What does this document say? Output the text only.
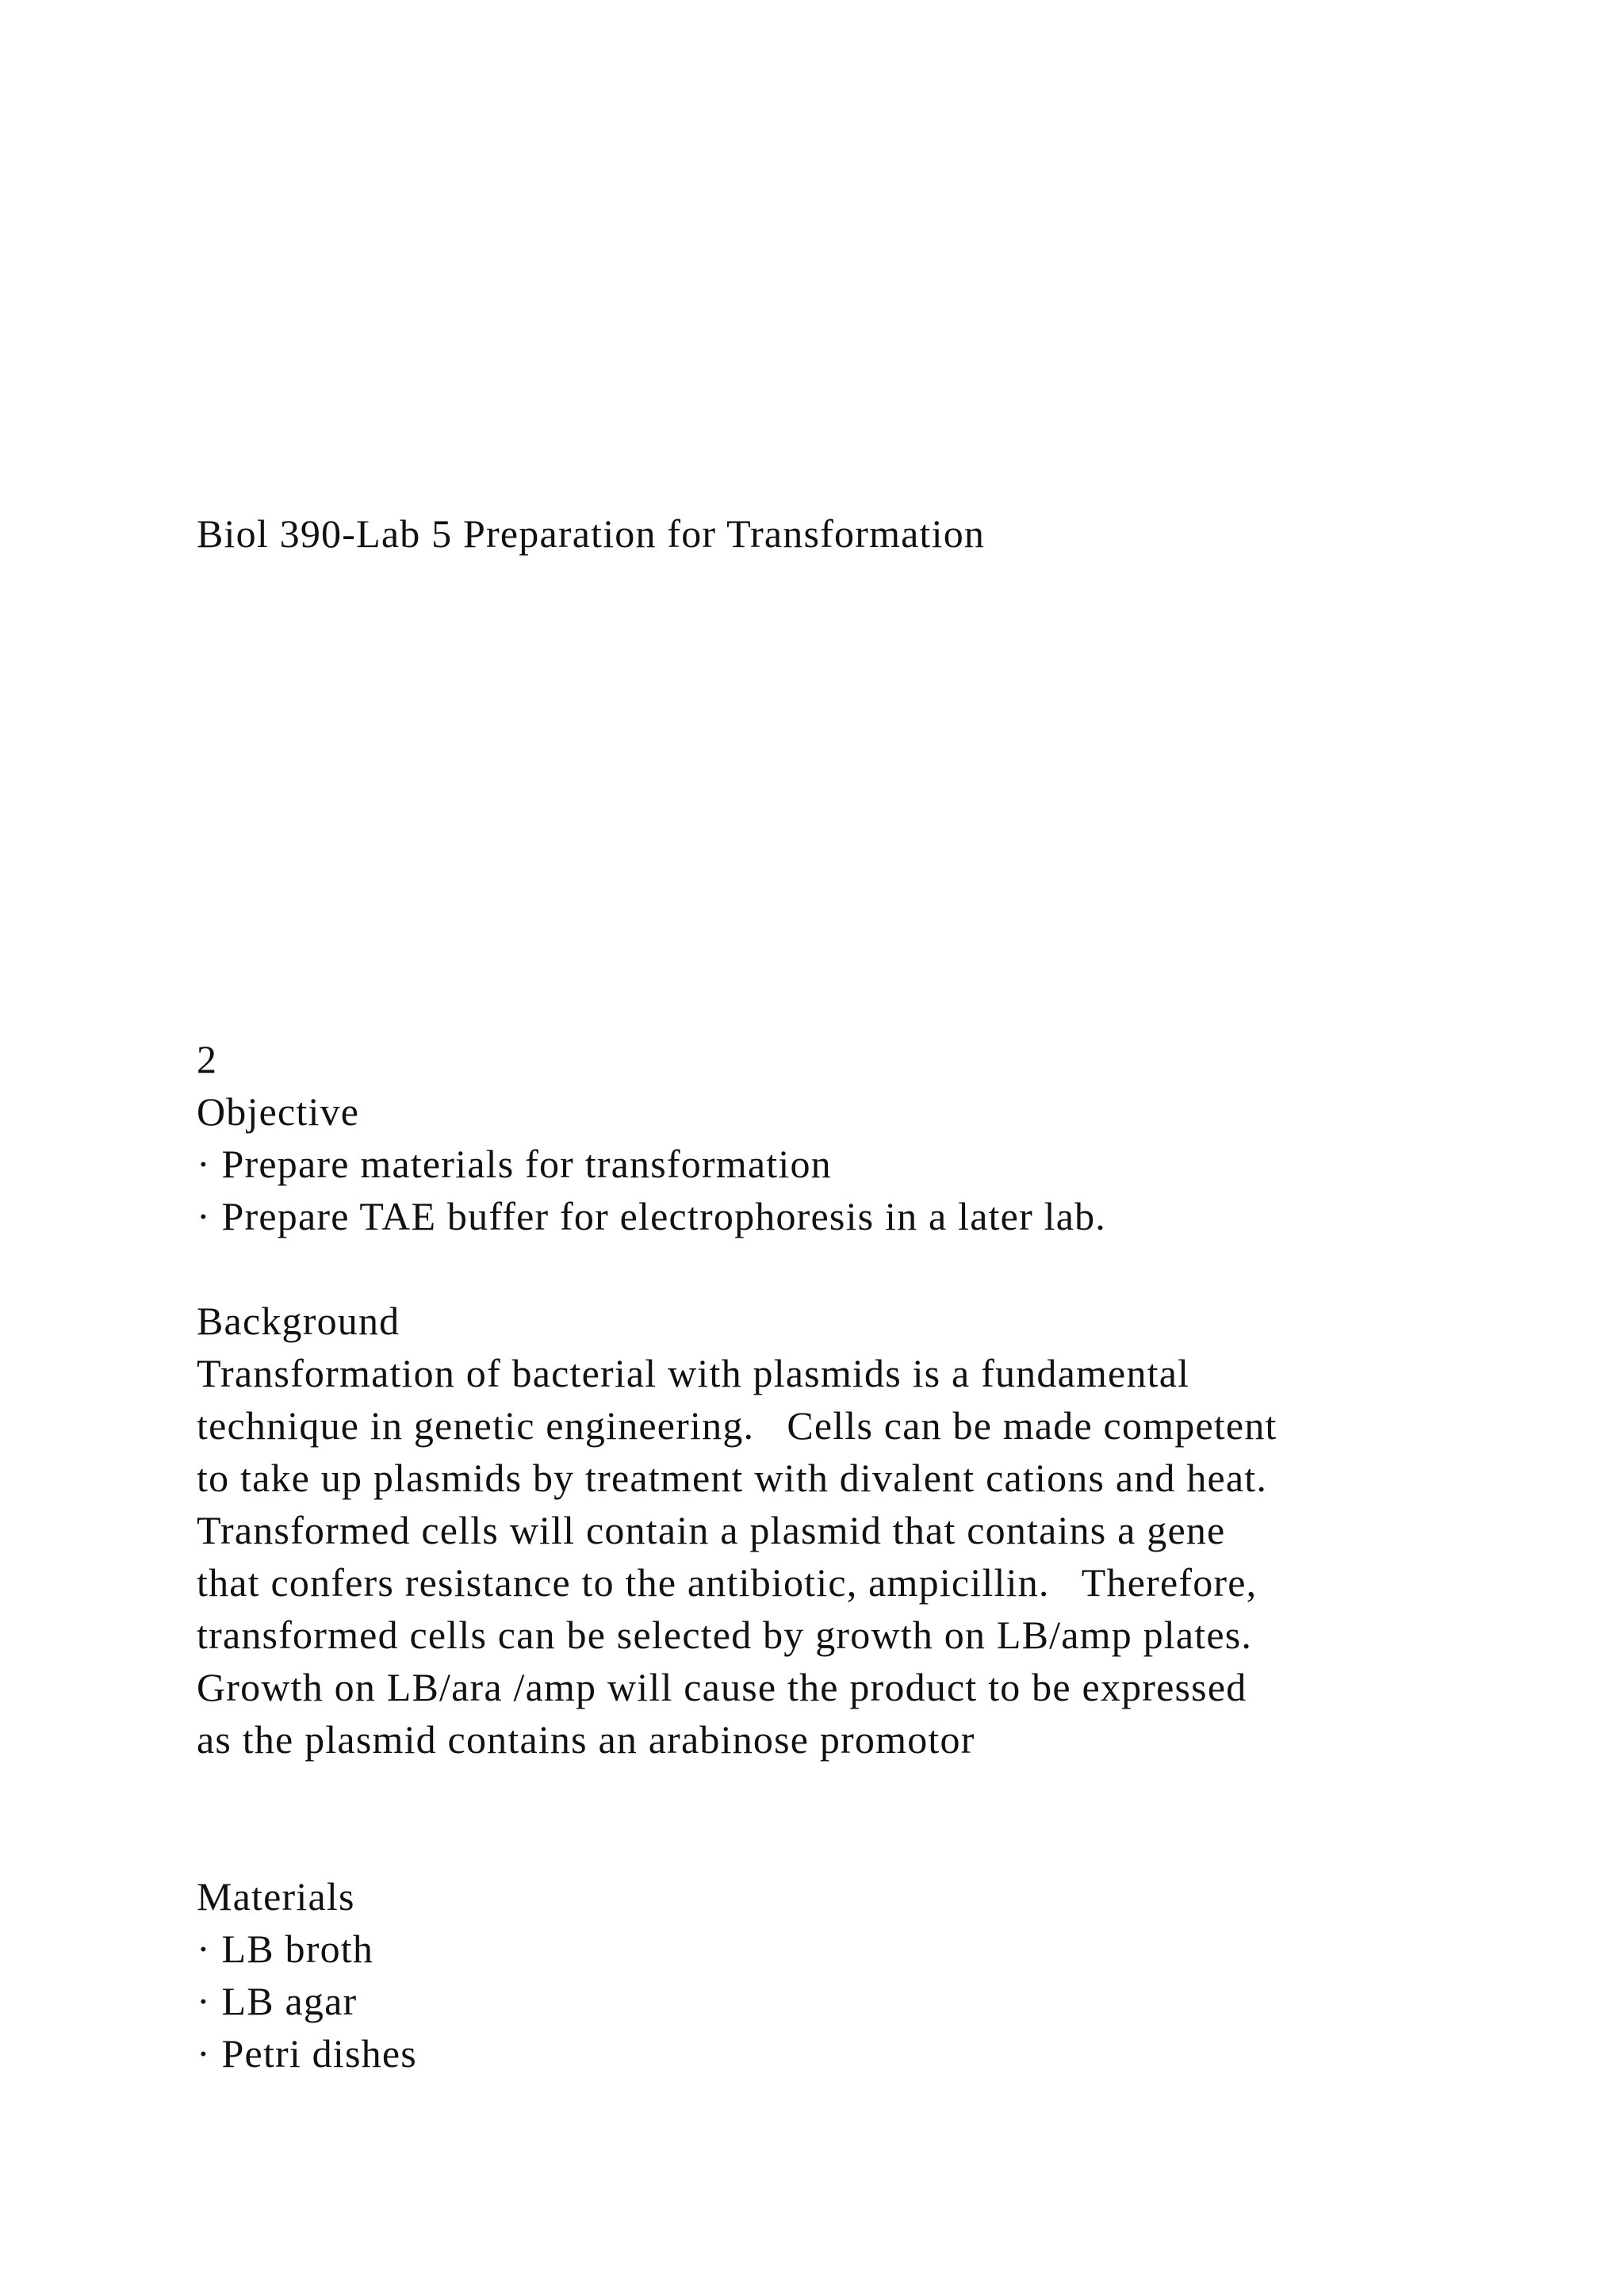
Biol 390-Lab 5 Preparation for Transformation
2
Objective
· Prepare materials for transformation
· Prepare TAE buffer for electrophoresis in a later lab.
Background
Transformation of bacterial with plasmids is a fundamental
technique in genetic engineering.   Cells can be made competent
to take up plasmids by treatment with divalent cations and heat.
Transformed cells will contain a plasmid that contains a gene
that confers resistance to the antibiotic, ampicillin.   Therefore,
transformed cells can be selected by growth on LB/amp plates.
Growth on LB/ara /amp will cause the product to be expressed
as the plasmid contains an arabinose promotor
Materials
· LB broth
· LB agar
· Petri dishes
